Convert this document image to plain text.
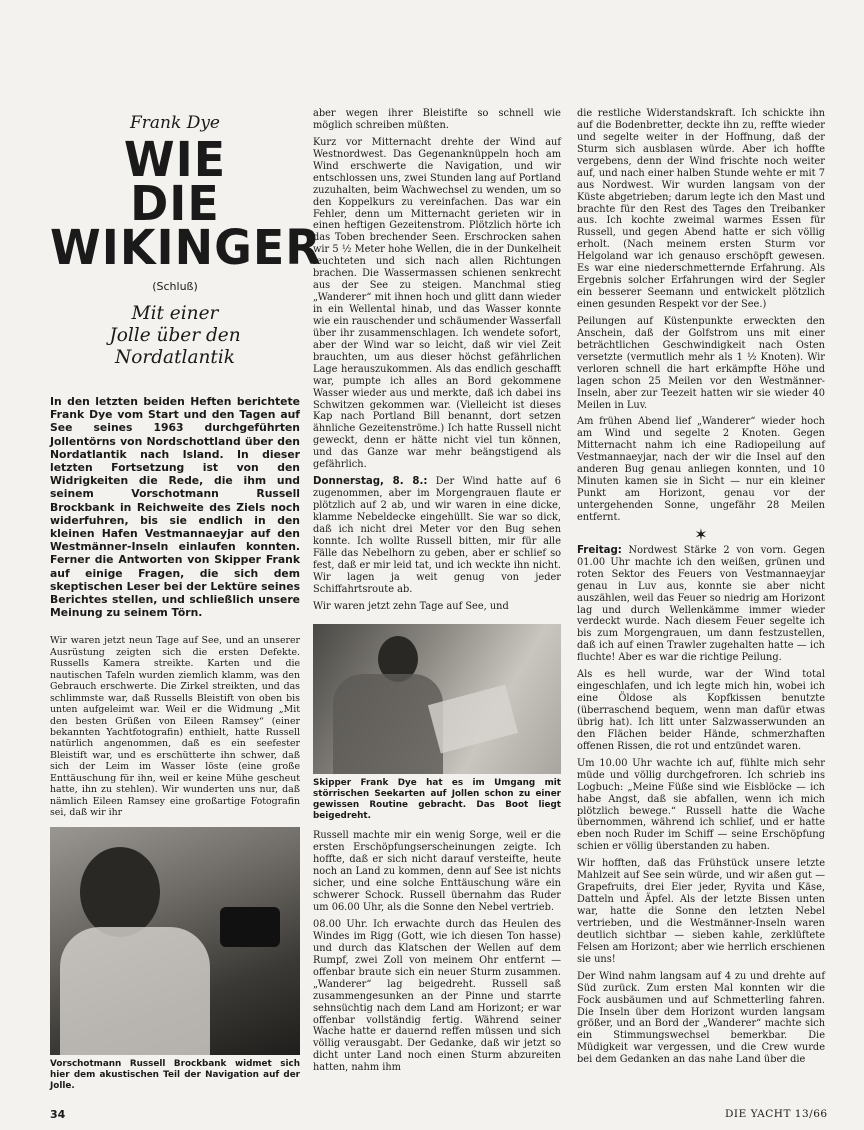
Frank Dye
WIE
DIE
WIKINGER
(Schluß)
Mit einer
Jolle über den
Nordatlantik

In den letzten beiden Heften berichtete Frank Dye vom Start und den Tagen auf See seines 1963 durchgeführten Jollentörns von Nordschottland über den Nordatlantik nach Island. In dieser letzten Fortsetzung ist von den Widrigkeiten die Rede, die ihm und seinem Vorschotmann Russell Brockbank in Reichweite des Ziels noch widerfuhren, bis sie endlich in den kleinen Hafen Vestmannaeyjar auf den Westmänner-Inseln einlaufen konnten. Ferner die Antworten von Skipper Frank auf einige Fragen, die sich dem skeptischen Leser bei der Lektüre seines Berichtes stellen, und schließlich unsere Meinung zu seinem Törn.

Wir waren jetzt neun Tage auf See, und an unserer Ausrüstung zeigten sich die ersten Defekte. Russells Kamera streikte. Karten und die nautischen Tafeln wurden ziemlich klamm, was den Gebrauch erschwerte. Die Zirkel streikten, und das schlimmste war, daß Russells Bleistift von oben bis unten aufgeleimt war. Weil er die Widmung „Mit den besten Grüßen von Eileen Ramsey“ (einer bekannten Yachtfotografin) enthielt, hatte Russell natürlich angenommen, daß es ein seefester Bleistift war, und es erschütterte ihn schwer, daß sich der Leim im Wasser löste (eine große Enttäuschung für ihn, weil er keine Mühe gescheut hatte, ihn zu stehlen). Wir wunderten uns nur, daß nämlich Eileen Ramsey eine großartige Fotografin sei, daß wir ihr

Vorschotmann Russell Brockbank widmet sich hier dem akustischen Teil der Navigation auf der Jolle.

aber wegen ihrer Bleistifte so schnell wie möglich schreiben müßten.

Kurz vor Mitternacht drehte der Wind auf Westnordwest. Das Gegenanknüppeln hoch am Wind erschwerte die Navigation, und wir entschlossen uns, zwei Stunden lang auf Portland zuzuhalten, beim Wachwechsel zu wenden, um so den Koppelkurs zu vereinfachen. Das war ein Fehler, denn um Mitternacht gerieten wir in einen heftigen Gezeitenstrom. Plötzlich hörte ich das Toben brechender Seen. Erschrocken sahen wir 5 ½ Meter hohe Wellen, die in der Dunkelheit leuchteten und sich nach allen Richtungen brachen. Die Wassermassen schienen senkrecht aus der See zu steigen. Manchmal stieg „Wanderer“ mit ihnen hoch und glitt dann wieder in ein Wellental hinab, und das Wasser konnte wie ein rauschender und schäumender Wasserfall über ihr zusammenschlagen. Ich wendete sofort, aber der Wind war so leicht, daß wir viel Zeit brauchten, um aus dieser höchst gefährlichen Lage herauszukommen. Als das endlich geschafft war, pumpte ich alles an Bord gekommene Wasser wieder aus und merkte, daß ich dabei ins Schwitzen gekommen war. (Vielleicht ist dieses Kap nach Portland Bill benannt, dort setzen ähnliche Gezeitenströme.) Ich hatte Russell nicht geweckt, denn er hätte nicht viel tun können, und das Ganze war mehr beängstigend als gefährlich.

Donnerstag, 8. 8.: Der Wind hatte auf 6 zugenommen, aber im Morgengrauen flaute er plötzlich auf 2 ab, und wir waren in eine dicke, klamme Nebeldecke eingehüllt. Sie war so dick, daß ich nicht drei Meter vor den Bug sehen konnte. Ich wollte Russell bitten, mir für alle Fälle das Nebelhorn zu geben, aber er schlief so fest, daß er mir leid tat, und ich weckte ihn nicht. Wir lagen ja weit genug von jeder Schiffahrtsroute ab.

Wir waren jetzt zehn Tage auf See, und

Skipper Frank Dye hat es im Umgang mit störrischen Seekarten auf Jollen schon zu einer gewissen Routine gebracht. Das Boot liegt beigedreht.

Russell machte mir ein wenig Sorge, weil er die ersten Erschöpfungserscheinungen zeigte. Ich hoffte, daß er sich nicht darauf versteifte, heute noch an Land zu kommen, denn auf See ist nichts sicher, und eine solche Enttäuschung wäre ein schwerer Schock. Russell übernahm das Ruder um 06.00 Uhr, als die Sonne den Nebel vertrieb.

08.00 Uhr. Ich erwachte durch das Heulen des Windes im Rigg (Gott, wie ich diesen Ton hasse) und durch das Klatschen der Wellen auf dem Rumpf, zwei Zoll von meinem Ohr entfernt — offenbar braute sich ein neuer Sturm zusammen. „Wanderer“ lag beigedreht. Russell saß zusammengesunken an der Pinne und starrte sehnsüchtig nach dem Land am Horizont; er war offenbar vollständig fertig. Während seiner Wache hatte er dauernd reffen müssen und sich völlig verausgabt. Der Gedanke, daß wir jetzt so dicht unter Land noch einen Sturm abzureiten hatten, nahm ihm

die restliche Widerstandskraft. Ich schickte ihn auf die Bodenbretter, deckte ihn zu, reffte wieder und segelte weiter in der Hoffnung, daß der Sturm sich ausblasen würde. Aber ich hoffte vergebens, denn der Wind frischte noch weiter auf, und nach einer halben Stunde wehte er mit 7 aus Nordwest. Wir wurden langsam von der Küste abgetrieben; darum legte ich den Mast und brachte für den Rest des Tages den Treibanker aus. Ich kochte zweimal warmes Essen für Russell, und gegen Abend hatte er sich völlig erholt. (Nach meinem ersten Sturm vor Helgoland war ich genauso erschöpft gewesen. Es war eine niederschmetternde Erfahrung. Als Ergebnis solcher Erfahrungen wird der Segler ein besserer Seemann und entwickelt plötzlich einen gesunden Respekt vor der See.)

Peilungen auf Küstenpunkte erweckten den Anschein, daß der Golfstrom uns mit einer beträchtlichen Geschwindigkeit nach Osten versetzte (vermutlich mehr als 1 ½ Knoten). Wir verloren schnell die hart erkämpfte Höhe und lagen schon 25 Meilen vor den Westmänner-Inseln, aber zur Teezeit hatten wir sie wieder 40 Meilen in Luv.

Am frühen Abend lief „Wanderer“ wieder hoch am Wind und segelte 2 Knoten. Gegen Mitternacht nahm ich eine Radiopeilung auf Vestmannaeyjar, nach der wir die Insel auf den anderen Bug genau anliegen konnten, und 10 Minuten kamen sie in Sicht — nur ein kleiner Punkt am Horizont, genau vor der untergehenden Sonne, ungefähr 28 Meilen entfernt.

✶

Freitag: Nordwest Stärke 2 von vorn. Gegen 01.00 Uhr machte ich den weißen, grünen und roten Sektor des Feuers von Vestmannaeyjar genau in Luv aus, konnte sie aber nicht auszählen, weil das Feuer so niedrig am Horizont lag und durch Wellenkämme immer wieder verdeckt wurde. Nach diesem Feuer segelte ich bis zum Morgengrauen, um dann festzustellen, daß ich auf einen Trawler zugehalten hatte — ich fluchte! Aber es war die richtige Peilung.

Als es hell wurde, war der Wind total eingeschlafen, und ich legte mich hin, wobei ich eine Öldose als Kopfkissen benutzte (überraschend bequem, wenn man dafür etwas übrig hat). Ich litt unter Salzwasserwunden an den Flächen beider Hände, schmerzhaften offenen Rissen, die rot und entzündet waren.

Um 10.00 Uhr wachte ich auf, fühlte mich sehr müde und völlig durchgefroren. Ich schrieb ins Logbuch: „Meine Füße sind wie Eisblöcke — ich habe Angst, daß sie abfallen, wenn ich mich plötzlich bewege.“ Russell hatte die Wache übernommen, während ich schlief, und er hatte eben noch Ruder im Schiff — seine Erschöpfung schien er völlig überstanden zu haben.

Wir hofften, daß das Frühstück unsere letzte Mahlzeit auf See sein würde, und wir aßen gut — Grapefruits, drei Eier jeder, Ryvita und Käse, Datteln und Äpfel. Als der letzte Bissen unten war, hatte die Sonne den letzten Nebel vertrieben, und die Westmänner-Inseln waren deutlich sichtbar — sieben kahle, zerklüftete Felsen am Horizont; aber wie herrlich erschienen sie uns!

Der Wind nahm langsam auf 4 zu und drehte auf Süd zurück. Zum ersten Mal konnten wir die Fock ausbäumen und auf Schmetterling fahren. Die Inseln über dem Horizont wurden langsam größer, und an Bord der „Wanderer“ machte sich ein Stimmungswechsel bemerkbar. Die Müdigkeit war vergessen, und die Crew wurde bei dem Gedanken an das nahe Land über die

34	DIE YACHT 13/66
